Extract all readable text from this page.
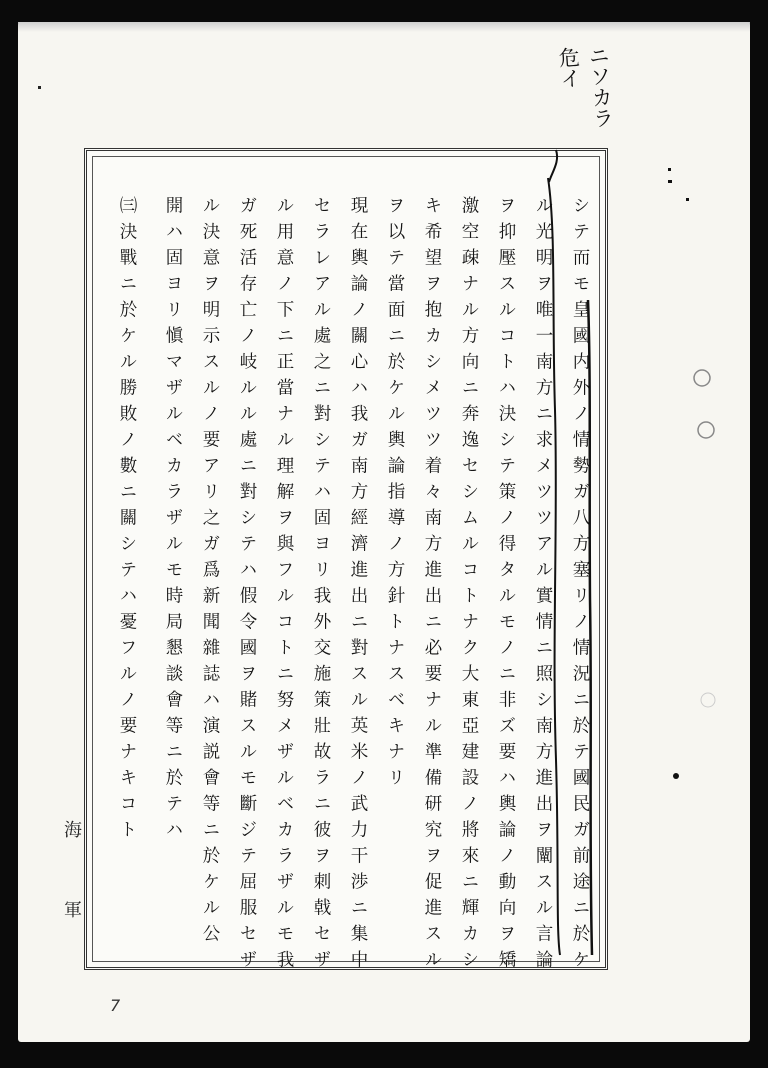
ニソカラ危イ
シテ而モ皇國内外ノ情勢ガ八方塞リノ情況ニ於テ國民ガ前途ニ於ケ
ル光明ヲ唯一南方ニ求メツツアル實情ニ照シ南方進出ヲ闡スル言論
ヲ抑壓スルコトハ決シテ策ノ得タルモノニ非ズ要ハ輿論ノ動向ヲ矯
激空疎ナル方向ニ奔逸セシムルコトナク大東亞建設ノ將來ニ輝カシ
キ希望ヲ抱カシメツツ着々南方進出ニ必要ナル準備研究ヲ促進スル
ヲ以テ當面ニ於ケル輿論指導ノ方針トナスベキナリ
現在輿論ノ關心ハ我ガ南方經濟進出ニ對スル英米ノ武力干渉ニ集中
セラレアル處之ニ對シテハ固ヨリ我外交施策壯故ラニ彼ヲ刺戟セザ
ル用意ノ下ニ正當ナル理解ヲ與フルコトニ努メザルベカラザルモ我
ガ死活存亡ノ岐ルル處ニ對シテハ假令國ヲ賭スルモ斷ジテ屈服セザ
ル決意ヲ明示スルノ要アリ之ガ爲新聞雜誌ハ演説會等ニ於ケル公
開ハ固ヨリ愼マザルベカラザルモ時局懇談會等ニ於テハ
㈢決戰ニ於ケル勝敗ノ數ニ關シテハ憂フルノ要ナキコト
海
軍
7
